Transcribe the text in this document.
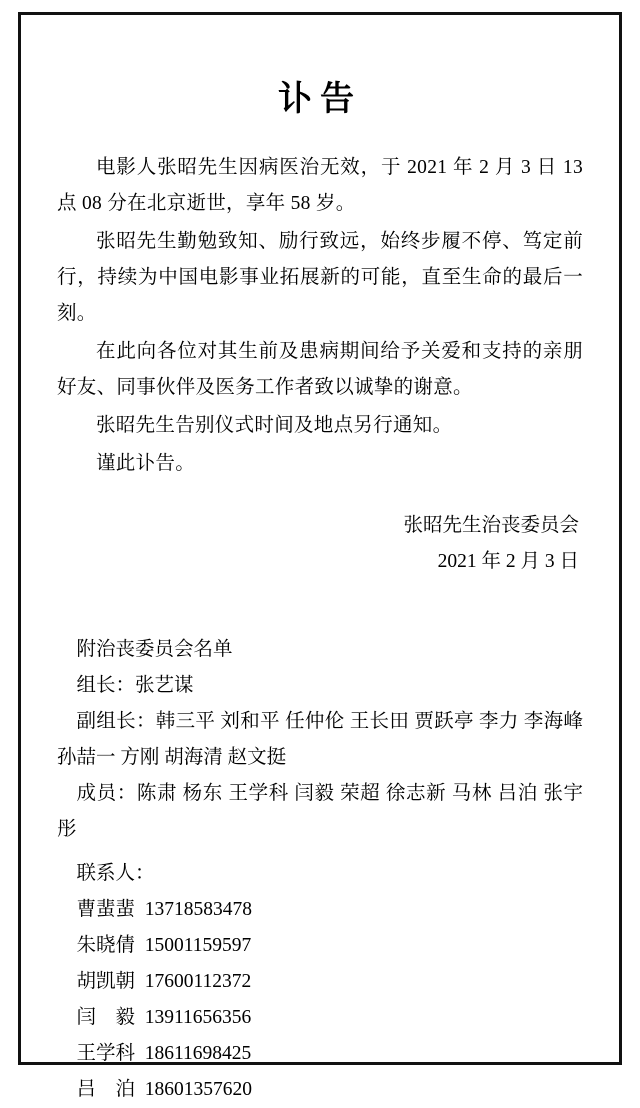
讣告

电影人张昭先生因病医治无效，于 2021 年 2 月 3 日 13 点 08 分在北京逝世，享年 58 岁。

张昭先生勤勉致知、励行致远，始终步履不停、笃定前行，持续为中国电影事业拓展新的可能，直至生命的最后一刻。

在此向各位对其生前及患病期间给予关爱和支持的亲朋好友、同事伙伴及医务工作者致以诚挚的谢意。

张昭先生告别仪式时间及地点另行通知。

谨此讣告。

张昭先生治丧委员会
2021 年 2 月 3 日

附治丧委员会名单

组长：张艺谋

副组长：韩三平 刘和平 任仲伦 王长田 贾跃亭 李力 李海峰 孙喆一 方刚 胡海清 赵文挺

成员：陈肃 杨东 王学科 闫毅 荣超 徐志新 马林 吕泊 张宇彤

联系人：

曹蜚蜚 13718583478

朱晓倩 15001159597

胡凯朝 17600112372

闫　毅 13911656356

王学科 18611698425

吕　泊 18601357620
